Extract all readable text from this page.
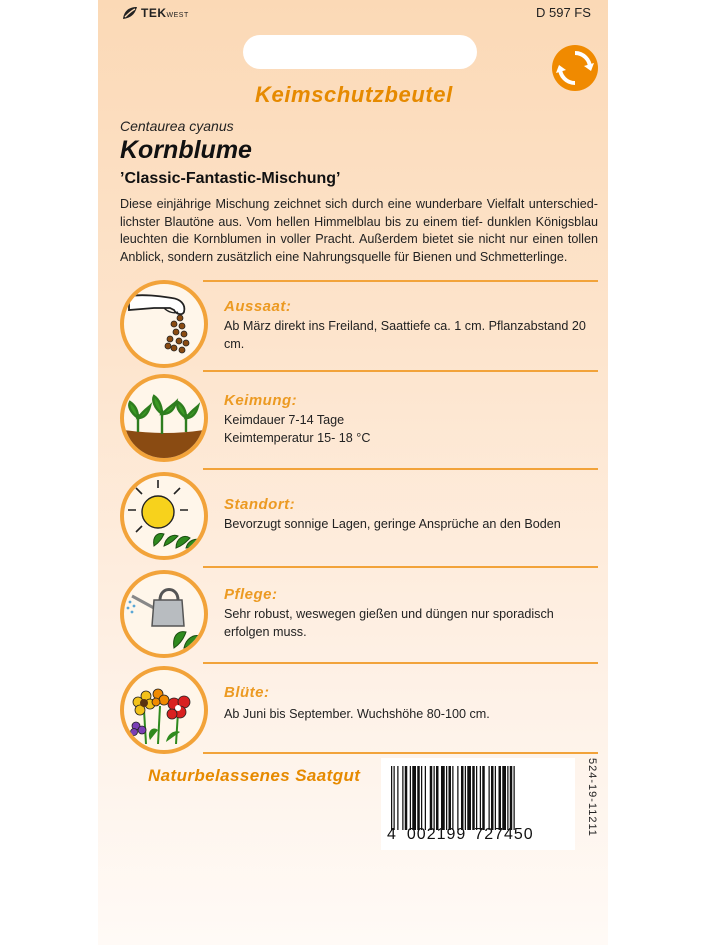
TEKWEST	D 597 FS
Keimschutzbeutel
Centaurea cyanus
Kornblume
’Classic-Fantastic-Mischung’
Diese einjährige Mischung zeichnet sich durch eine wunderbare Vielfalt unterschied-lichster Blautöne aus. Vom hellen Himmelblau bis zu einem tief- dunklen Königsblau leuchten die Kornblumen in voller Pracht. Außerdem bietet sie nicht nur einen tollen Anblick, sondern zusätzlich eine Nahrungsquelle für Bienen und Schmetterlinge.
Aussaat:
Ab März direkt ins Freiland, Saattiefe ca. 1 cm. Pflanzabstand 20 cm.
Keimung:
Keimdauer 7-14 Tage
Keimtemperatur 15- 18 °C
Standort:
Bevorzugt sonnige Lagen, geringe Ansprüche an den Boden
Pflege:
Sehr robust, weswegen gießen und düngen nur sporadisch erfolgen muss.
Blüte:
Ab Juni bis September. Wuchshöhe 80-100 cm.
Naturbelassenes Saatgut
4 002199 727450	524-19-11211
